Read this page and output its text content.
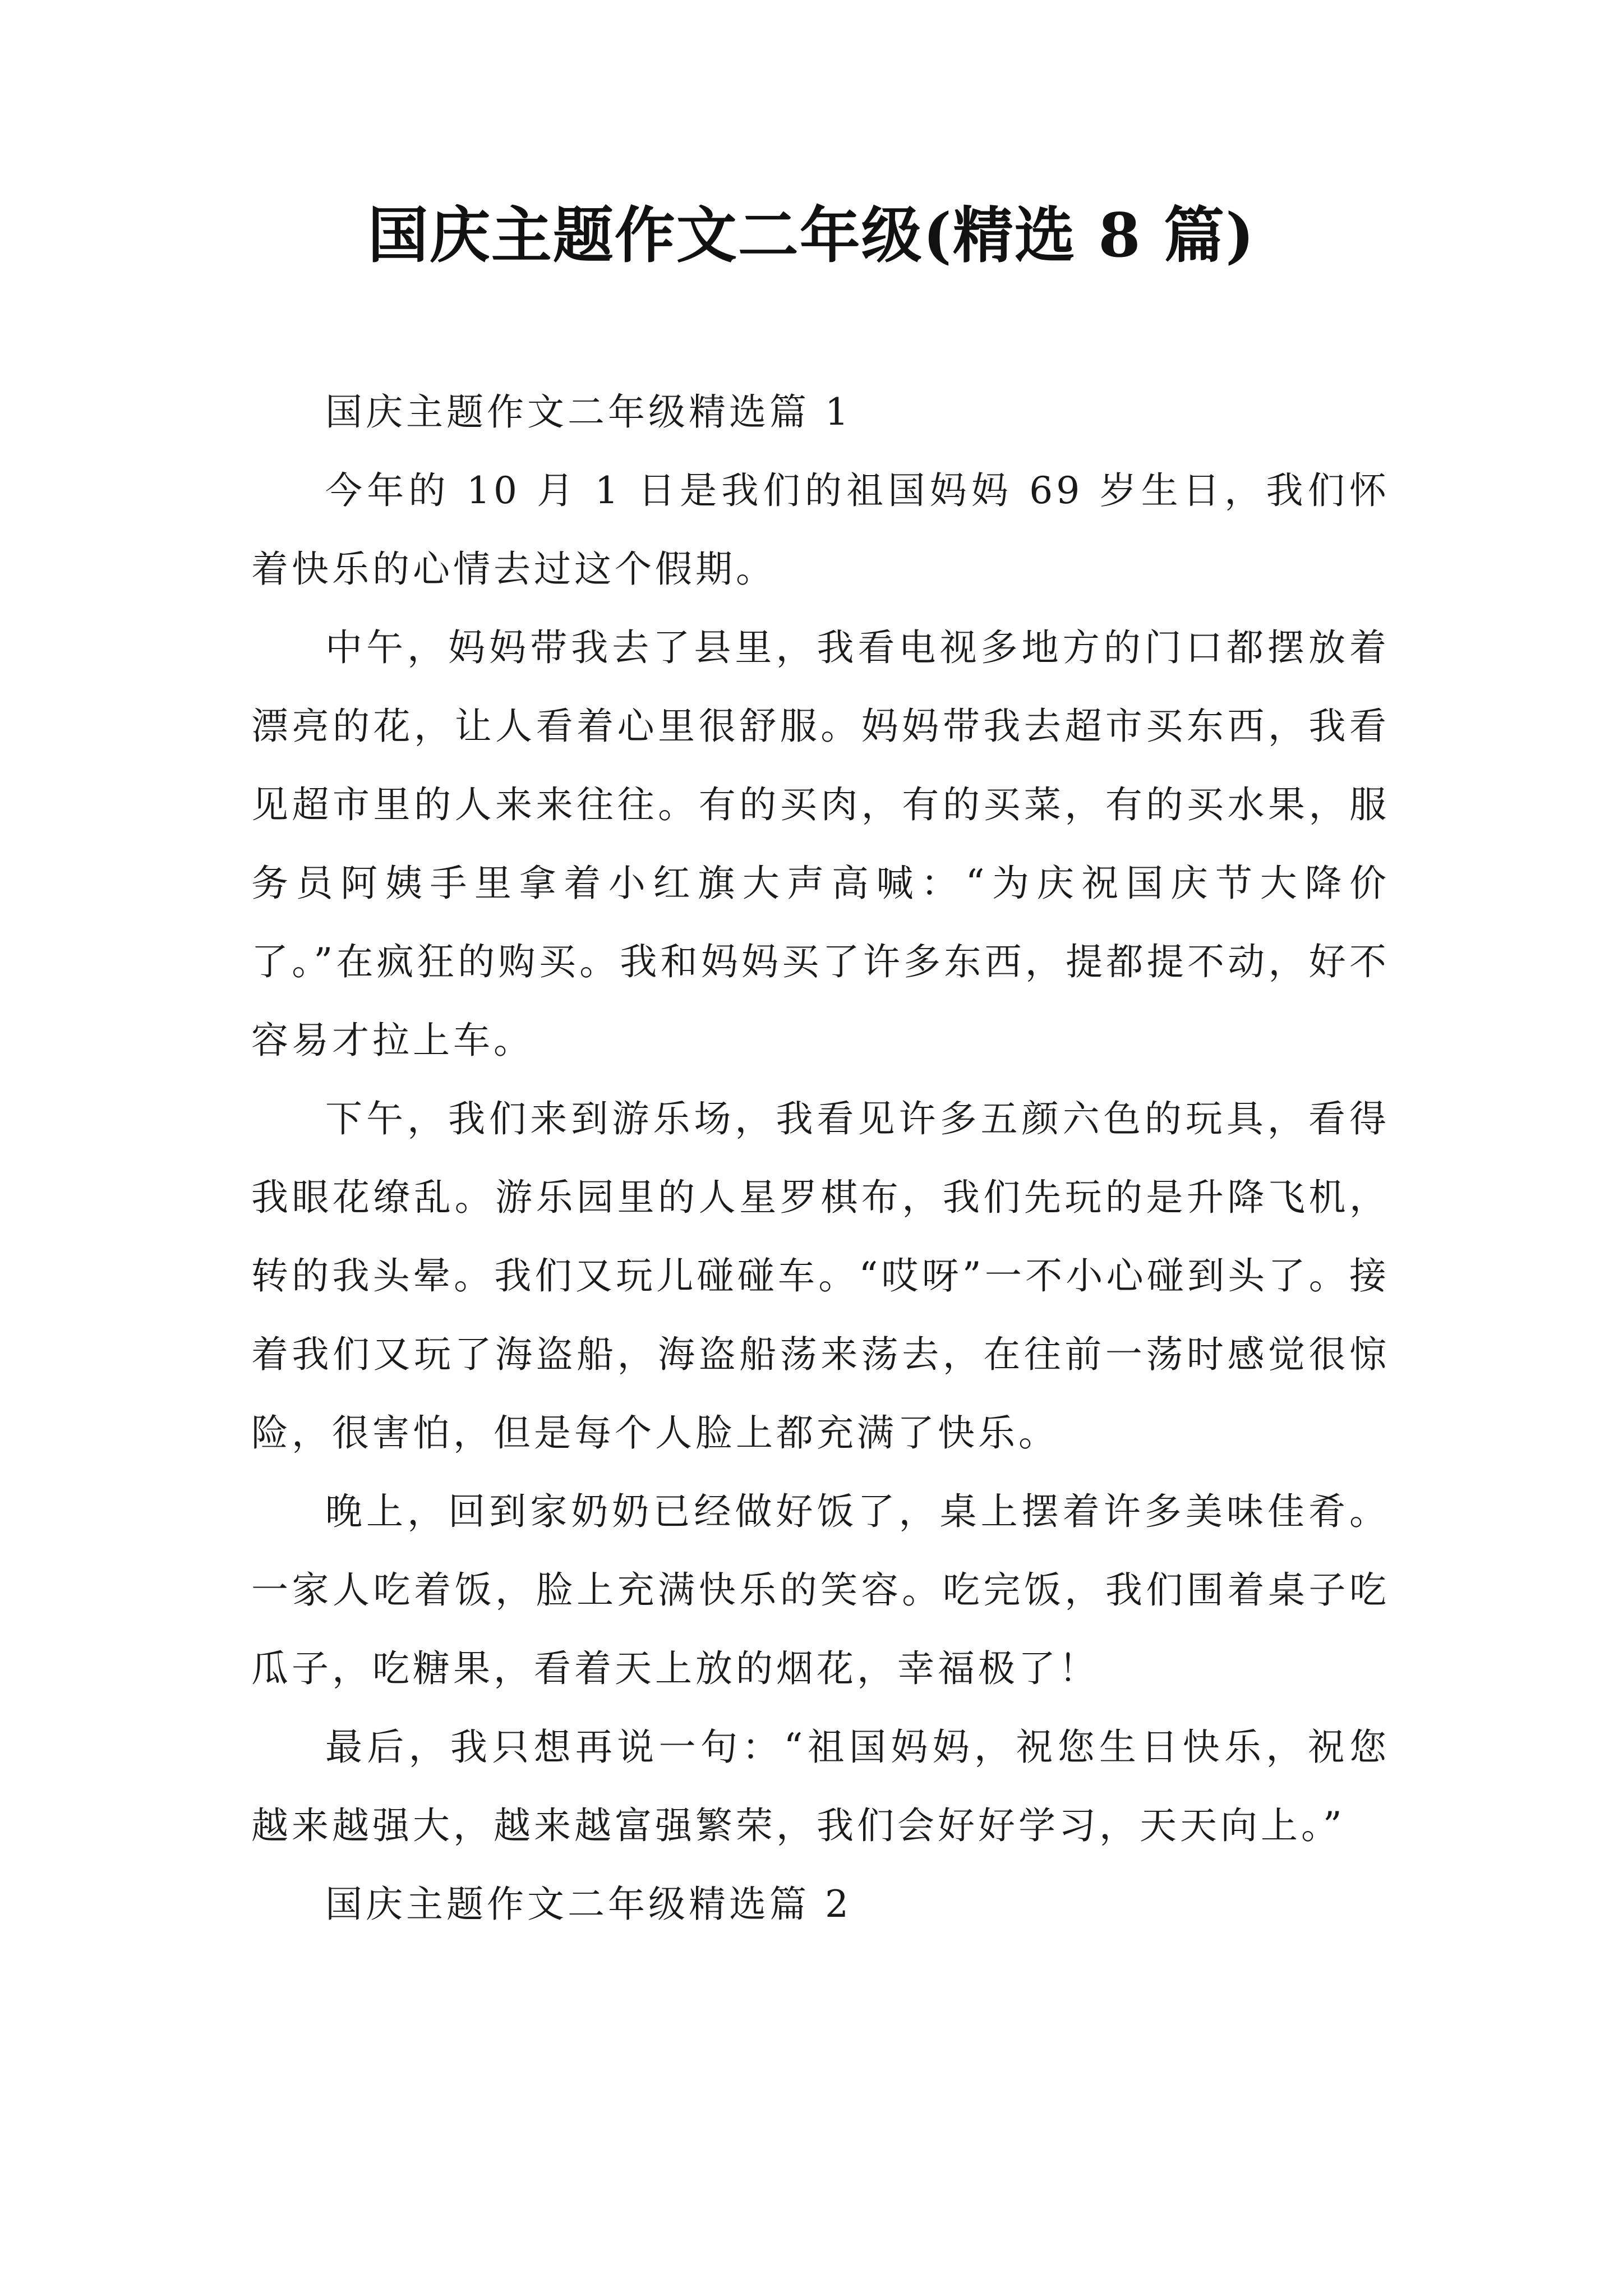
国庆主题作文二年级(精选 8 篇)

国庆主题作文二年级精选篇 1

今年的 10 月 1 日是我们的祖国妈妈 69 岁生日，我们怀着快乐的心情去过这个假期。

中午，妈妈带我去了县里，我看电视多地方的门口都摆放着漂亮的花，让人看着心里很舒服。妈妈带我去超市买东西，我看见超市里的人来来往往。有的买肉，有的买菜，有的买水果，服务员阿姨手里拿着小红旗大声高喊：“为庆祝国庆节大降价了。”在疯狂的购买。我和妈妈买了许多东西，提都提不动，好不容易才拉上车。

下午，我们来到游乐场，我看见许多五颜六色的玩具，看得我眼花缭乱。游乐园里的人星罗棋布，我们先玩的是升降飞机，转的我头晕。我们又玩儿碰碰车。“哎呀”一不小心碰到头了。接着我们又玩了海盗船，海盗船荡来荡去，在往前一荡时感觉很惊险，很害怕，但是每个人脸上都充满了快乐。

晚上，回到家奶奶已经做好饭了，桌上摆着许多美味佳肴。一家人吃着饭，脸上充满快乐的笑容。吃完饭，我们围着桌子吃瓜子，吃糖果，看着天上放的烟花，幸福极了！

最后，我只想再说一句：“祖国妈妈，祝您生日快乐，祝您越来越强大，越来越富强繁荣，我们会好好学习，天天向上。”

国庆主题作文二年级精选篇 2
